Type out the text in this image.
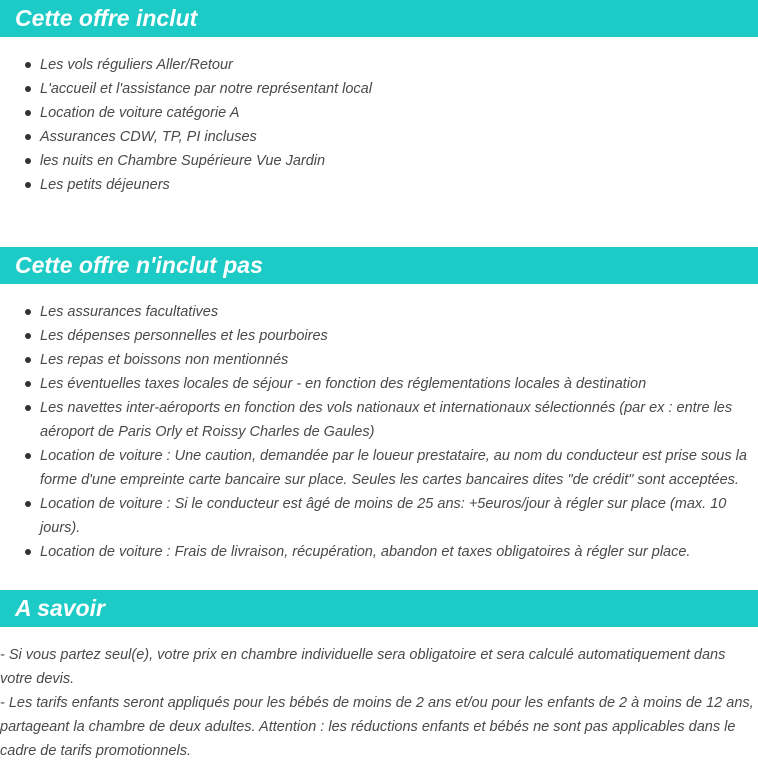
Cette offre inclut
Les vols réguliers Aller/Retour
L'accueil et l'assistance par notre représentant local
Location de voiture catégorie A
Assurances CDW, TP, PI incluses
les nuits en Chambre Supérieure Vue Jardin
Les petits déjeuners
Cette offre n'inclut pas
Les assurances facultatives
Les dépenses personnelles et les pourboires
Les repas et boissons non mentionnés
Les éventuelles taxes locales de séjour - en fonction des réglementations locales à destination
Les navettes inter-aéroports en fonction des vols nationaux et internationaux sélectionnés (par ex : entre les aéroport de Paris Orly et Roissy Charles de Gaules)
Location de voiture : Une caution, demandée par le loueur prestataire, au nom du conducteur est prise sous la forme d'une empreinte carte bancaire sur place. Seules les cartes bancaires dites "de crédit" sont acceptées.
Location de voiture : Si le conducteur est âgé de moins de 25 ans: +5euros/jour à régler sur place (max. 10 jours).
Location de voiture : Frais de livraison, récupération, abandon et taxes obligatoires à régler sur place.
A savoir

- Si vous partez seul(e), votre prix en chambre individuelle sera obligatoire et sera calculé automatiquement dans votre devis.

- Les tarifs enfants seront appliqués pour les bébés de moins de 2 ans et/ou pour les enfants de 2 à moins de 12 ans, partageant la chambre de deux adultes. Attention : les réductions enfants et bébés ne sont pas applicables dans le cadre de tarifs promotionnels.
